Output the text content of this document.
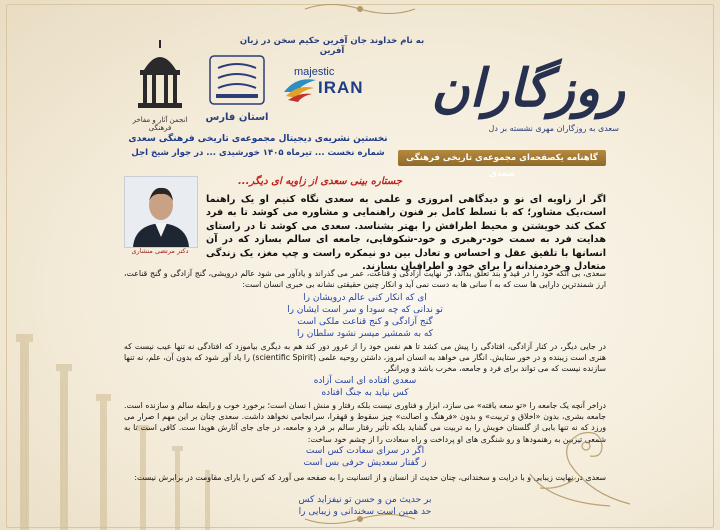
به نام خداوند جان آفرین حکیم سخن در زبان آفرین
انجمن آثار و مفاخر فرهنگی
استان فارس
majestic
IRAN روزگاران
سعدی به روزگاران مهری نشسته بر دل
نخستین نشریه‌ی دیجیتال مجموعه‌ی تاریخی فرهنگی سعدی
شماره نخست ... تیرماه ۱۴۰۵ خورشیدی ... در جوار شیخ اجل	گاهنامه یکصفحه‌ای مجموعه‌ی تاریخی فرهنگی سعدی
جستاره بینی سعدی از زاویه ای دیگر...
دکتر مرتضی منشاری
اگر از زاویه ای نو و دیدگاهی امروزی و علمی به سعدی نگاه کنیم او یک راهنما است،یک مشاور؛ که با تسلط کامل بر فنون راهنمایی و مشاوره می کوشد تا به فرد کمک کند خویشتن و محیط اطرافش را بهتر بشناسد. سعدی می کوشد تا در راستای هدایت فرد به سمت خود-رهبری و خود-شکوفایی، جامعه ای سالم بسازد که در آن انسانها با تلفیق عقل و احساس و تعادل بین دو نیمکره راست و چپ مغز، یک زندگی متعادل و خردمندانه را برای خود و اطرافیان بسازند.
سعدی، بی آنکه خود را در قید و بند تعلق بداند، در نهایت آزادگی و قناعت، عمر می گذراند و یادآور می شود عالم درویشی، گنج آزادگی و گنج قناعت، ارز شمندترین دارایی ها ست که به آ سانی ها به دست نمی آید و انکار چنین حقیقتی نشانه بی خبری انسان است:
ای که انکار کنی عالم درویشان را
تو ندانی که چه سودا و سر است ایشان را
گنج آزادگی و کنج قناعت ملکی است
که به شمشیر میسر نشود سلطان را
در جایی دیگر، در کنار آزادگی، افتادگی را پیش می کشد تا هم نفس خود را از غرور دور کند هم به دیگری بیاموزد که افتادگی نه تنها عیب نیست که هنری است زیبنده و در خور ستایش. انگار می خواهد به انسان امروز، داشتن روحیه علمی (scientific Spirit) را یاد آور شود که بدون آن، علم، نه تنها سازنده نیست که می تواند برای فرد و جامعه، مخرب باشد و ویرانگر.
سعدی افتاده ای است آزاده
کس نیاید به جنگ افتاده
در‌اخر آنچه یک جامعه را «تو سعه یافته» می سازد، ابزار و فناوری نیست بلکه رفتار و منش ا نسان است؛ برخورد خوب و رابطه سالم و سازنده است. جامعه بشری، بدون «اخلاق و تربیت» و بدون «فرهنگ و اصالت» چیز سقوط و قهقرا، سرانجامی نخواهد داشت. سعدی چنان بر این مهم ا صرار می ورزد که نه تنها بابی از گلستان خویش را به تربیت می گشاید بلکه تأثیر رفتار سالم بر فرد و جامعه، در جای جای آثارش هویدا ست. کافی است تا به شمعی تیزبین به رهنمودها و رو شنگری های او پرداخت و راه سعادت را از چشم خود ساخت:
اگر در سرای سعادت کس است
ز گفتار سعدیش حرفی بس است
سعدی در نهایت زیبایی و با درایت و سخندانی، چنان حدیث از انسان و از انسانیت را به صفحه می آورد که کس را یارای مقاومت در برابرش نیست:
بر حدیث من و حسن تو نیفزاید کس
حد همین است سخندانی و زیبایی را
